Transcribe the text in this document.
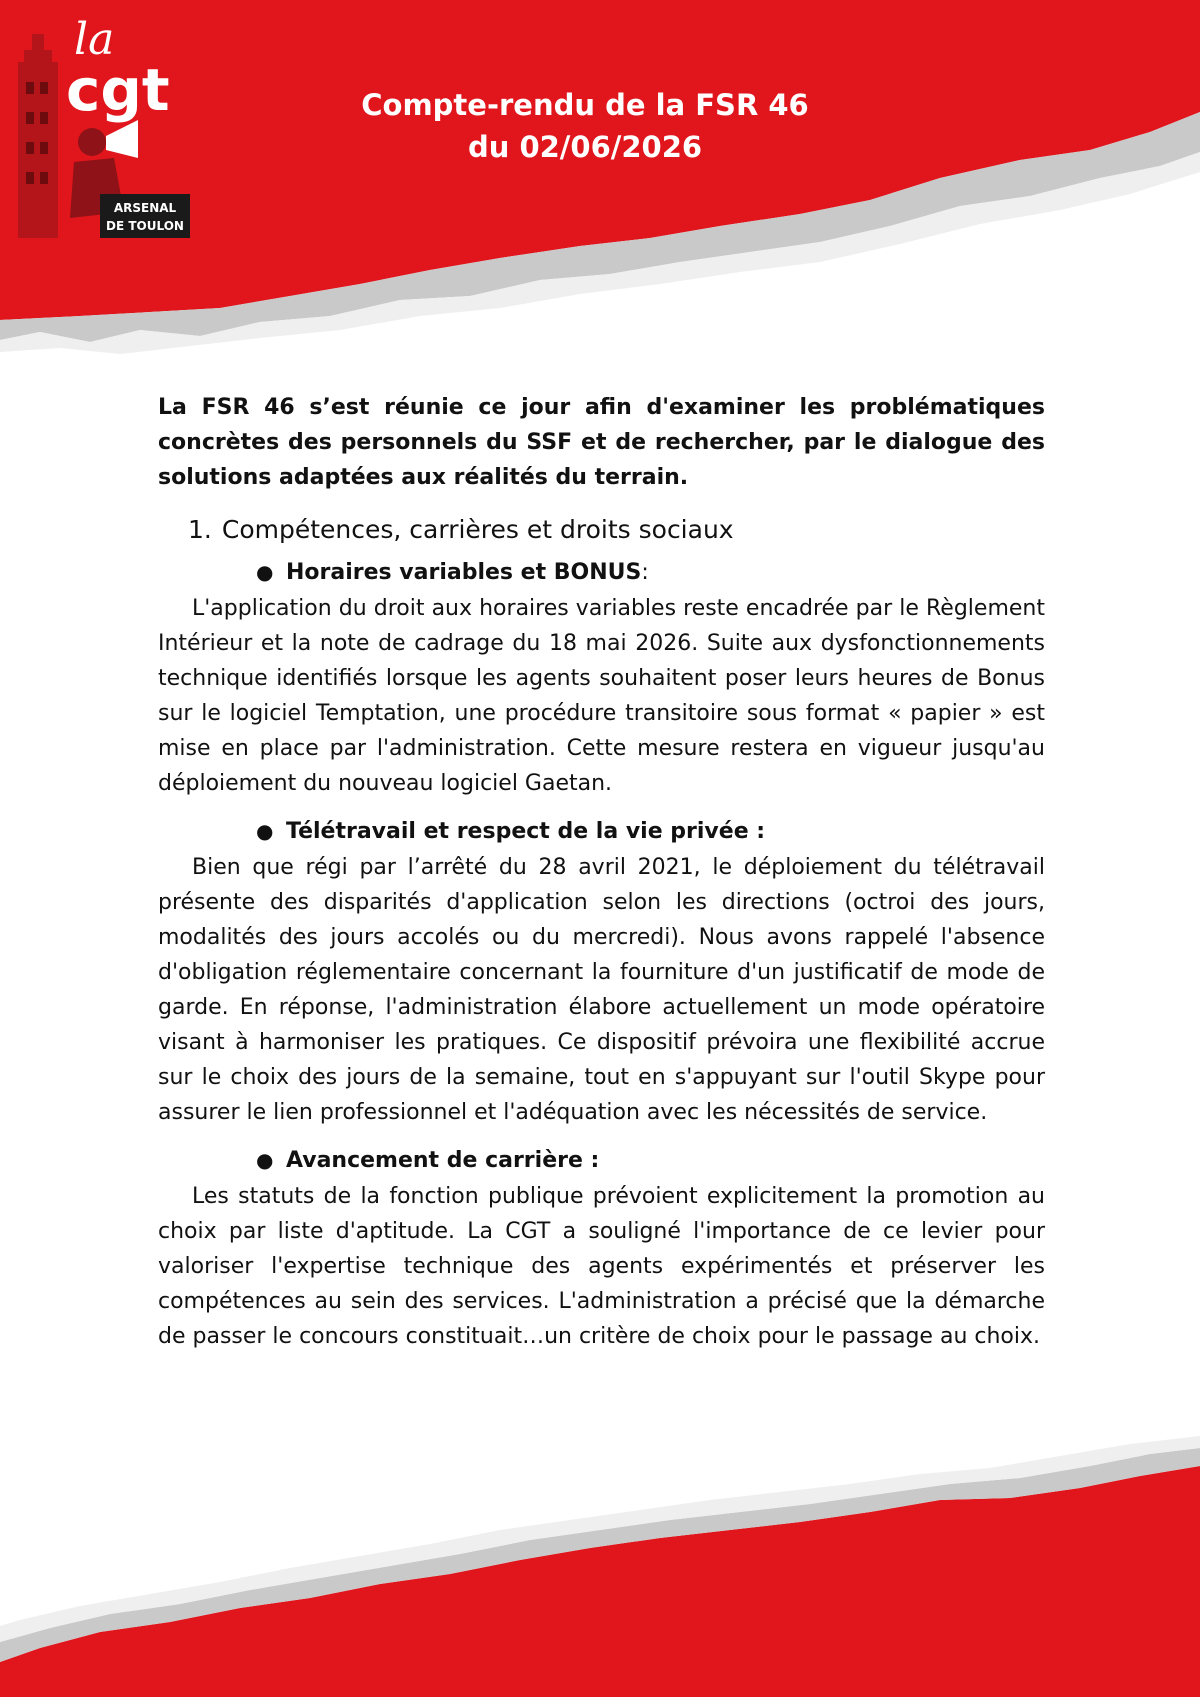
la
cgt
ARSENAL
DE TOULON
Compte-rendu de la FSR 46
du 02/06/2026

La FSR 46 s’est réunie ce jour afin d'examiner les problématiques concrètes des personnels du SSF et de rechercher, par le dialogue des solutions adaptées aux réalités du terrain.

1. Compétences, carrières et droits sociaux
● Horaires variables et BONUS :

L'application du droit aux horaires variables reste encadrée par le Règlement Intérieur et la note de cadrage du 18 mai 2026. Suite aux dysfonctionnements technique identifiés lorsque les agents souhaitent poser leurs heures de Bonus sur le logiciel Temptation, une procédure transitoire sous format « papier » est mise en place par l'administration. Cette mesure restera en vigueur jusqu'au déploiement du nouveau logiciel Gaetan.

● Télétravail et respect de la vie privée :

Bien que régi par l’arrêté du 28 avril 2021, le déploiement du télétravail présente des disparités d'application selon les directions (octroi des jours, modalités des jours accolés ou du mercredi). Nous avons rappelé l'absence d'obligation réglementaire concernant la fourniture d'un justificatif de mode de garde. En réponse, l'administration élabore actuellement un mode opératoire visant à harmoniser les pratiques. Ce dispositif prévoira une flexibilité accrue sur le choix des jours de la semaine, tout en s'appuyant sur l'outil Skype pour assurer le lien professionnel et l'adéquation avec les nécessités de service.

● Avancement de carrière :

Les statuts de la fonction publique prévoient explicitement la promotion au choix par liste d'aptitude. La CGT a souligné l'importance de ce levier pour valoriser l'expertise technique des agents expérimentés et préserver les compétences au sein des services. L'administration a précisé que la démarche de passer le concours constituait…un critère de choix pour le passage au choix.
